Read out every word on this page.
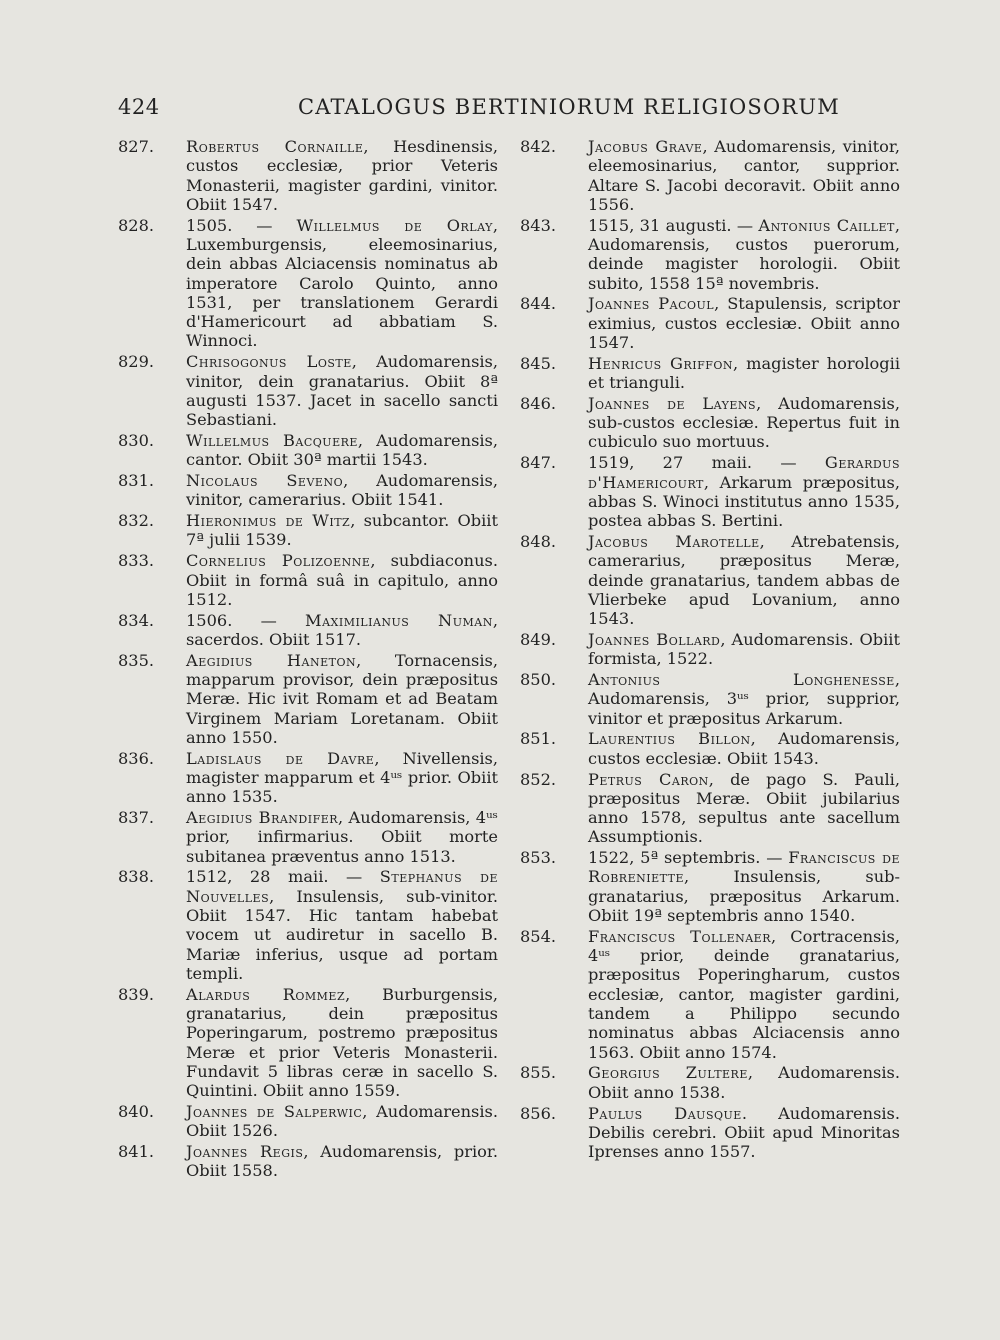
424	CATALOGUS BERTINIORUM RELIGIOSORUM
827. Robertus Cornaille, Hesdinensis, custos ecclesiæ, prior Veteris Monasterii, magister gardini, vinitor. Obiit 1547.
828. 1505. — Willelmus de Orlay, Luxemburgensis, eleemosinarius, dein abbas Alciacensis nominatus ab imperatore Carolo Quinto, anno 1531, per translationem Gerardi d'Hamericourt ad abbatiam S. Winnoci.
829. Chrisogonus Loste, Audomarensis, vinitor, dein granatarius. Obiit 8ª augusti 1537. Jacet in sacello sancti Sebastiani.
830. Willelmus Bacquere, Audomarensis, cantor. Obiit 30ª martii 1543.
831. Nicolaus Seveno, Audomarensis, vinitor, camerarius. Obiit 1541.
832. Hieronimus de Witz, subcantor. Obiit 7ª julii 1539.
833. Cornelius Polizoenne, subdiaconus. Obiit in formâ suâ in capitulo, anno 1512.
834. 1506. — Maximilianus Numan, sacerdos. Obiit 1517.
835. Aegidius Haneton, Tornacensis, mapparum provisor, dein præpositus Meræ. Hic ivit Romam et ad Beatam Virginem Mariam Loretanam. Obiit anno 1550.
836. Ladislaus de Davre, Nivellensis, magister mapparum et 4ᵘˢ prior. Obiit anno 1535.
837. Aegidius Brandifer, Audomarensis, 4ᵘˢ prior, infirmarius. Obiit morte subitanea præventus anno 1513.
838. 1512, 28 maii. — Stephanus de Nouvelles, Insulensis, sub-vinitor. Obiit 1547. Hic tantam habebat vocem ut audiretur in sacello B. Mariæ inferius, usque ad portam templi.
839. Alardus Rommez, Burburgensis, granatarius, dein præpositus Poperingarum, postremo præpositus Meræ et prior Veteris Monasterii. Fundavit 5 libras ceræ in sacello S. Quintini. Obiit anno 1559.
840. Joannes de Salperwic, Audomarensis. Obiit 1526.
841. Joannes Regis, Audomarensis, prior. Obiit 1558.
842. Jacobus Grave, Audomarensis, vinitor, eleemosinarius, cantor, supprior. Altare S. Jacobi decoravit. Obiit anno 1556.
843. 1515, 31 augusti. — Antonius Caillet, Audomarensis, custos puerorum, deinde magister horologii. Obiit subito, 1558 15ª novembris.
844. Joannes Pacoul, Stapulensis, scriptor eximius, custos ecclesiæ. Obiit anno 1547.
845. Henricus Griffon, magister horologii et trianguli.
846. Joannes de Layens, Audomarensis, sub-custos ecclesiæ. Repertus fuit in cubiculo suo mortuus.
847. 1519, 27 maii. — Gerardus d'Hamericourt, Arkarum præpositus, abbas S. Winoci institutus anno 1535, postea abbas S. Bertini.
848. Jacobus Marotelle, Atrebatensis, camerarius, præpositus Meræ, deinde granatarius, tandem abbas de Vlierbeke apud Lovanium, anno 1543.
849. Joannes Bollard, Audomarensis. Obiit formista, 1522.
850. Antonius Longhenesse, Audomarensis, 3ᵘˢ prior, supprior, vinitor et præpositus Arkarum.
851. Laurentius Billon, Audomarensis, custos ecclesiæ. Obiit 1543.
852. Petrus Caron, de pago S. Pauli, præpositus Meræ. Obiit jubilarius anno 1578, sepultus ante sacellum Assumptionis.
853. 1522, 5ª septembris. — Franciscus de Robreniette, Insulensis, sub-granatarius, præpositus Arkarum. Obiit 19ª septembris anno 1540.
854. Franciscus Tollenaer, Cortracensis, 4ᵘˢ prior, deinde granatarius, præpositus Poperingharum, custos ecclesiæ, cantor, magister gardini, tandem a Philippo secundo nominatus abbas Alciacensis anno 1563. Obiit anno 1574.
855. Georgius Zultere, Audomarensis. Obiit anno 1538.
856. Paulus Dausque. Audomarensis. Debilis cerebri. Obiit apud Minoritas Iprenses anno 1557.
